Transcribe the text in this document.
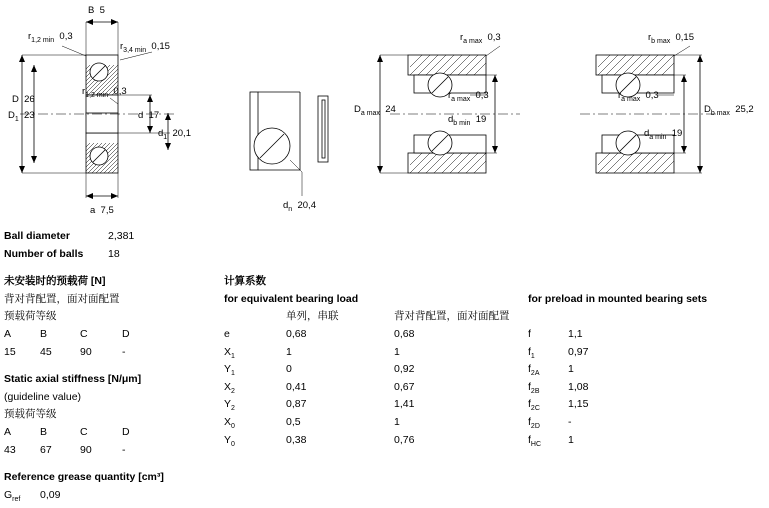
B  5
$r_{1,2 min}$  0,3
$r_{3,4 min}$  0,15
D  26
$D_1$  23
$r_{1,2 min}$  0,3
d  17
$d_1$  20,1
a  7,5	$d_n$  20,4
$r_{a max}$  0,3
$D_{a max}$  24
$r_{a max}$  0,3
$d_{b min}$  19
$r_{b max}$  0,15
$r_{a max}$  0,3
$D_{b max}$  25,2
$d_{a min}$  19
Ball diameter	2,381
Number of balls 18
未安装时的预载荷 [N]
背对背配置，面对面配置
预载荷等级
A	B	C	D
15 45	90	-
Static axial stiffness [N/μm]
(guideline value)
预载荷等级
A	B	C	D
43 67	90	-
Reference grease quantity [cm³]
$G_{ref}$ 0,09
计算系数
for equivalent bearing load
单列，串联	背对背配置，面对面配置
e	0,68	0,68
$X_1$	1	1
$Y_1$	0	0,92
$X_2$	0,41	0,67
$Y_2$	0,87	1,41
$X_0$	0,5	1
$Y_0$	0,38	0,76
for preload in mounted bearing sets
f	1,1
$f_1$	0,97
$f_{2A}$	1
$f_{2B}$	1,08
$f_{2C}$	1,15
$f_{2D}$	-
$f_{HC}$	1
